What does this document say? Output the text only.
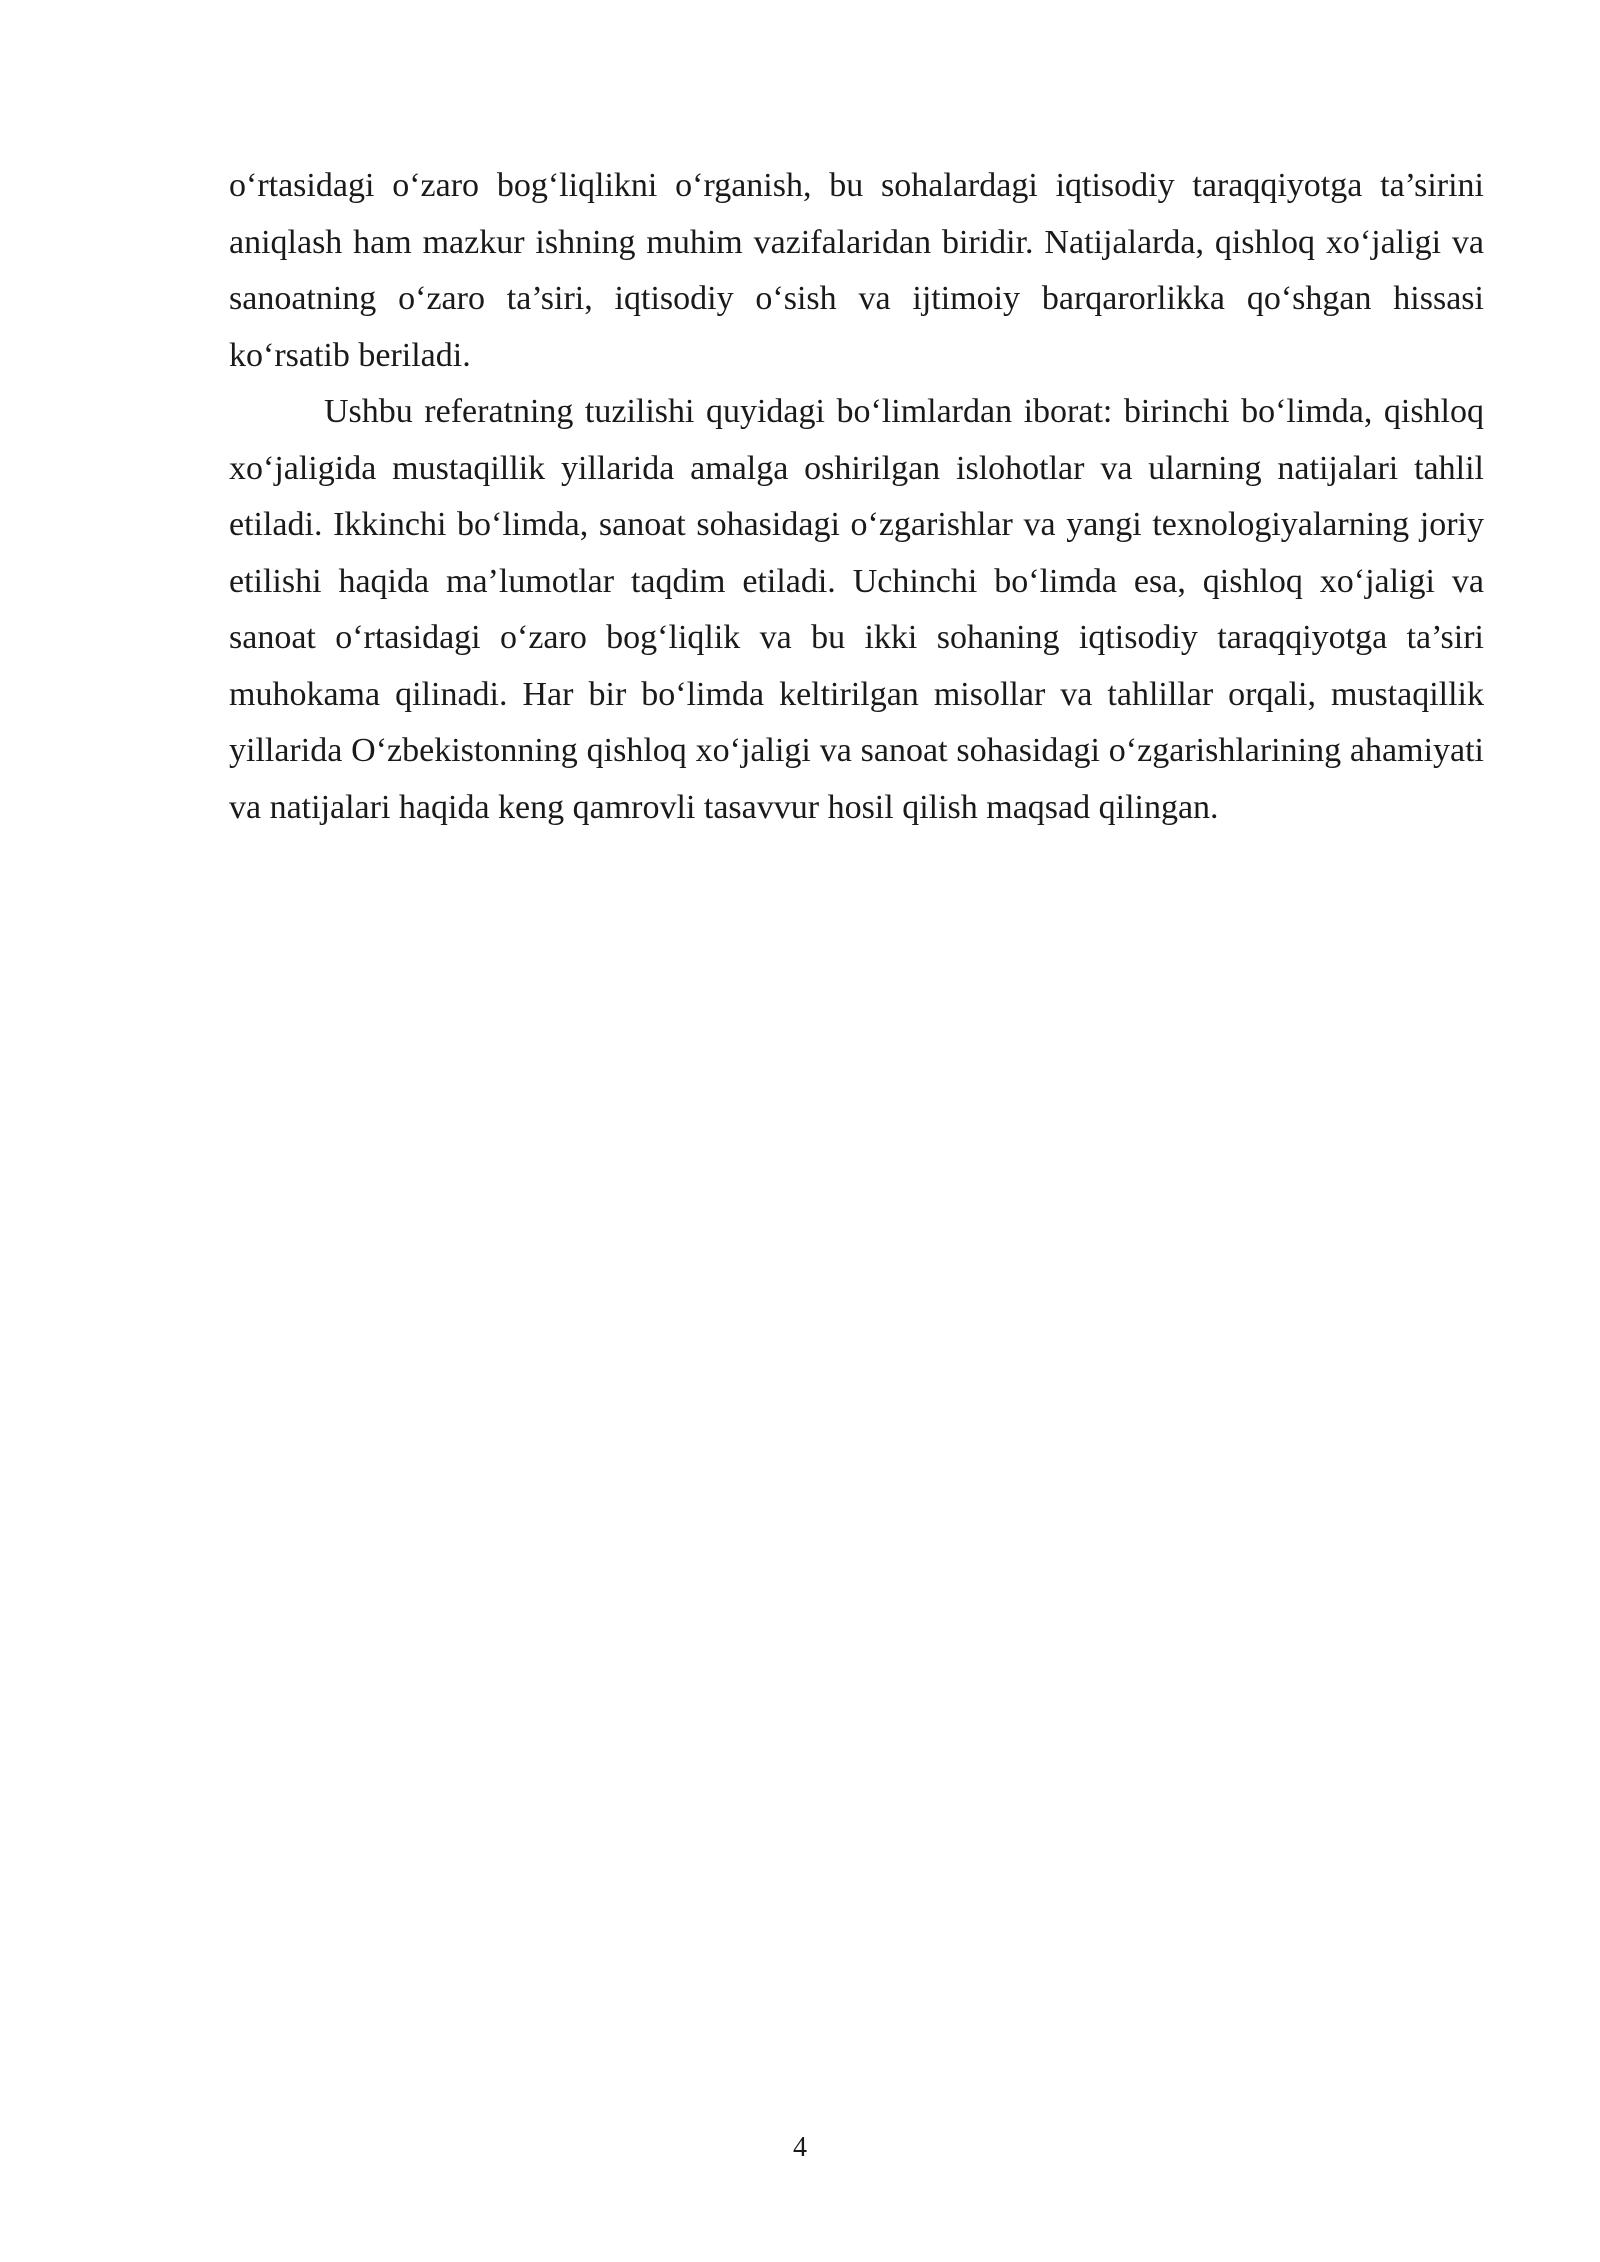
o‘rtasidagi o‘zaro bog‘liqlikni o‘rganish, bu sohalardagi iqtisodiy taraqqiyotga ta’sirini aniqlash ham mazkur ishning muhim vazifalaridan biridir. Natijalarda, qishloq xo‘jaligi va sanoatning o‘zaro ta’siri, iqtisodiy o‘sish va ijtimoiy barqarorlikka qo‘shgan hissasi ko‘rsatib beriladi.

Ushbu referatning tuzilishi quyidagi bo‘limlardan iborat: birinchi bo‘limda, qishloq xo‘jaligida mustaqillik yillarida amalga oshirilgan islohotlar va ularning natijalari tahlil etiladi. Ikkinchi bo‘limda, sanoat sohasidagi o‘zgarishlar va yangi texnologiyalarning joriy etilishi haqida ma’lumotlar taqdim etiladi. Uchinchi bo‘limda esa, qishloq xo‘jaligi va sanoat o‘rtasidagi o‘zaro bog‘liqlik va bu ikki sohaning iqtisodiy taraqqiyotga ta’siri muhokama qilinadi. Har bir bo‘limda keltirilgan misollar va tahlillar orqali, mustaqillik yillarida O‘zbekistonning qishloq xo‘jaligi va sanoat sohasidagi o‘zgarishlarining ahamiyati va natijalari haqida keng qamrovli tasavvur hosil qilish maqsad qilingan.

4
